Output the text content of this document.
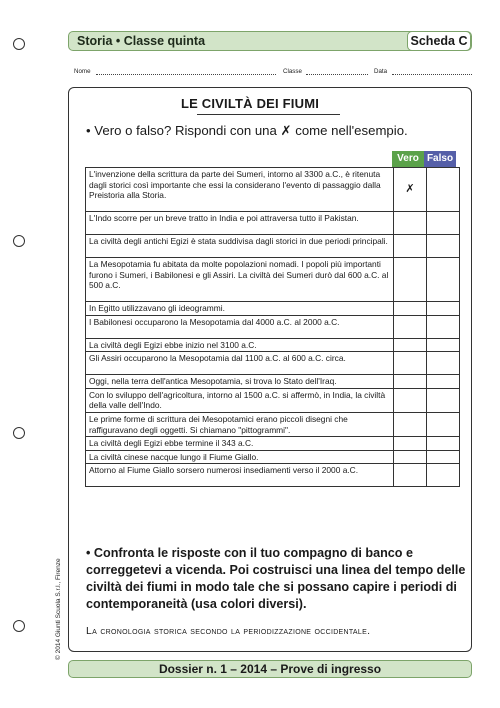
Storia • Classe quinta	Scheda C
Nome	Classe	Data
LE CIVILTÀ DEI FIUMI
• Vero o falso? Rispondi con una ✗ come nell'esempio.
Vero Falso
L'invenzione della scrittura da parte dei Sumeri, intorno al 3300 a.C., è ritenuta dagli storici così importante che essi la considerano l'evento di passaggio dalla Preistoria alla Storia.	✗	
L'Indo scorre per un breve tratto in India e poi attraversa tutto il Pakistan.		
La civiltà degli antichi Egizi è stata suddivisa dagli storici in due periodi principali.		
La Mesopotamia fu abitata da molte popolazioni nomadi. I popoli più importanti furono i Sumeri, i Babilonesi e gli Assiri. La civiltà dei Sumeri durò dal 600 a.C. al 500 a.C.		
In Egitto utilizzavano gli ideogrammi.		
I Babilonesi occuparono la Mesopotamia dal 4000 a.C. al 2000 a.C.		
La civiltà degli Egizi ebbe inizio nel 3100 a.C.		
Gli Assiri occuparono la Mesopotamia dal 1100 a.C. al 600 a.C. circa.		
Oggi, nella terra dell'antica Mesopotamia, si trova lo Stato dell'Iraq.		
Con lo sviluppo dell'agricoltura, intorno al 1500 a.C. si affermò, in India, la civiltà della valle dell'Indo.		
Le prime forme di scrittura dei Mesopotamici erano piccoli disegni che raffiguravano degli oggetti. Si chiamano "pittogrammi".		
La civiltà degli Egizi ebbe termine il 343 a.C.		
La civiltà cinese nacque lungo il Fiume Giallo.		
Attorno al Fiume Giallo sorsero numerosi insediamenti verso il 2000 a.C.		
• Confronta le risposte con il tuo compagno di banco e correggetevi a vicenda. Poi costruisci una linea del tempo delle civiltà dei fiumi in modo tale che si possano capire i periodi di contemporaneità (usa colori diversi).
La cronologia storica secondo la periodizzazione occidentale.
© 2014 Giunti Scuola S.r.l., Firenze
Dossier n. 1 – 2014 – Prove di ingresso
